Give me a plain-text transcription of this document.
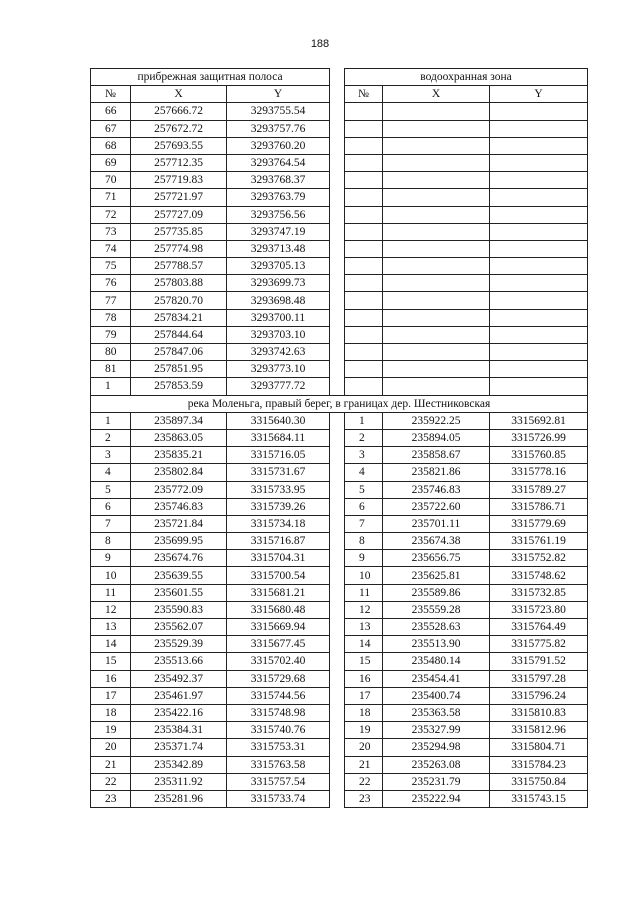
188
прибрежная защитная полоса				водоохранная зона		
№	X	Y		№	X	Y
66	257666.72	3293755.54				
67	257672.72	3293757.76				
68	257693.55	3293760.20				
69	257712.35	3293764.54				
70	257719.83	3293768.37				
71	257721.97	3293763.79				
72	257727.09	3293756.56				
73	257735.85	3293747.19				
74	257774.98	3293713.48				
75	257788.57	3293705.13				
76	257803.88	3293699.73				
77	257820.70	3293698.48				
78	257834.21	3293700.11				
79	257844.64	3293703.10				
80	257847.06	3293742.63				
81	257851.95	3293773.10				
1	257853.59	3293777.72				
река Моленьга, правый берег, в границах дер. Шестниковская						
1	235897.34	3315640.30		1	235922.25	3315692.81
2	235863.05	3315684.11		2	235894.05	3315726.99
3	235835.21	3315716.05		3	235858.67	3315760.85
4	235802.84	3315731.67		4	235821.86	3315778.16
5	235772.09	3315733.95		5	235746.83	3315789.27
6	235746.83	3315739.26		6	235722.60	3315786.71
7	235721.84	3315734.18		7	235701.11	3315779.69
8	235699.95	3315716.87		8	235674.38	3315761.19
9	235674.76	3315704.31		9	235656.75	3315752.82
10	235639.55	3315700.54		10	235625.81	3315748.62
11	235601.55	3315681.21		11	235589.86	3315732.85
12	235590.83	3315680.48		12	235559.28	3315723.80
13	235562.07	3315669.94		13	235528.63	3315764.49
14	235529.39	3315677.45		14	235513.90	3315775.82
15	235513.66	3315702.40		15	235480.14	3315791.52
16	235492.37	3315729.68		16	235454.41	3315797.28
17	235461.97	3315744.56		17	235400.74	3315796.24
18	235422.16	3315748.98		18	235363.58	3315810.83
19	235384.31	3315740.76		19	235327.99	3315812.96
20	235371.74	3315753.31		20	235294.98	3315804.71
21	235342.89	3315763.58		21	235263.08	3315784.23
22	235311.92	3315757.54		22	235231.79	3315750.84
23	235281.96	3315733.74		23	235222.94	3315743.15
